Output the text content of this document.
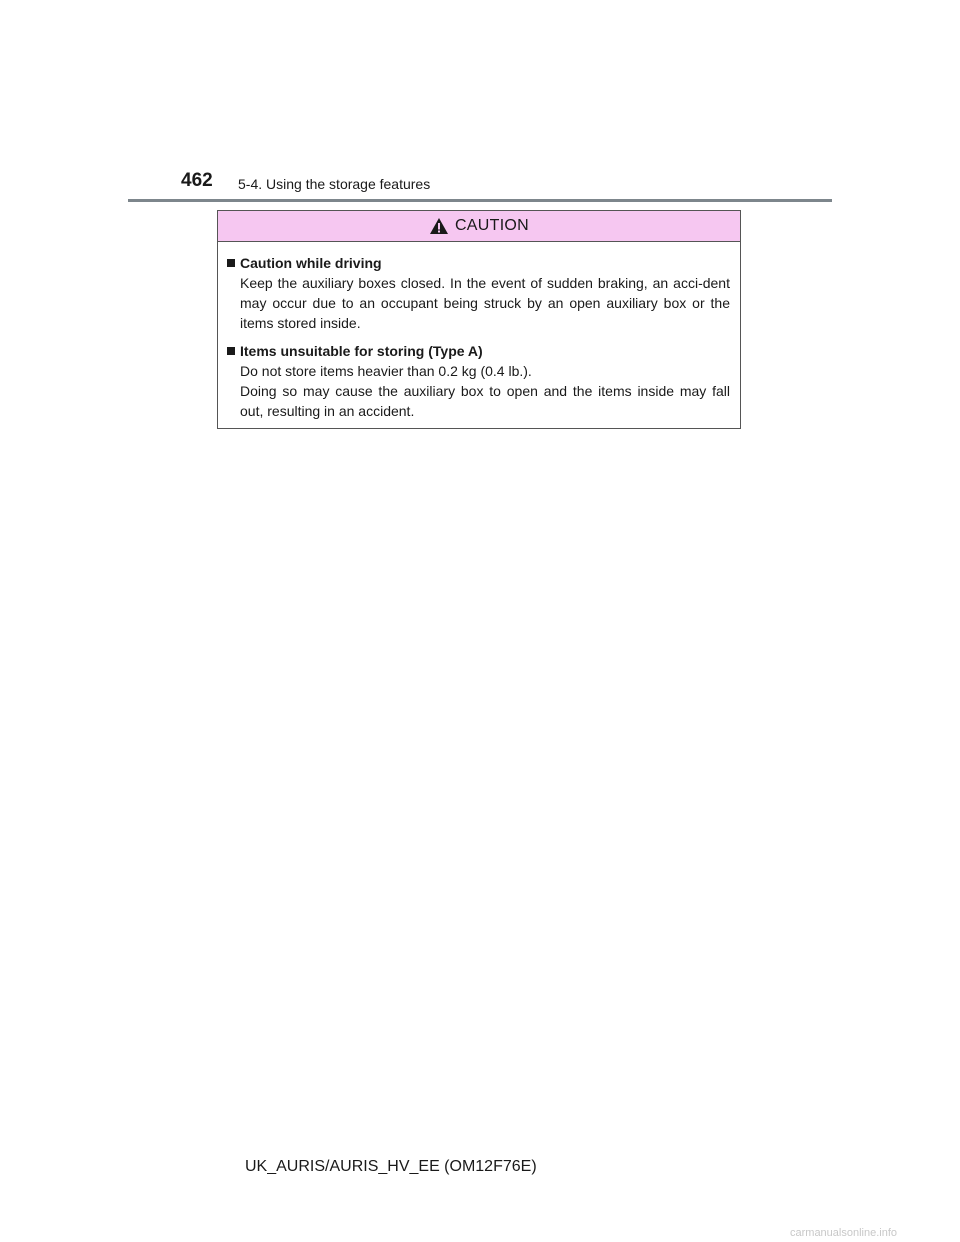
462 5-4. Using the storage features
CAUTION
Caution while driving

Keep the auxiliary boxes closed. In the event of sudden braking, an acci-dent may occur due to an occupant being struck by an open auxiliary box or the items stored inside.

Items unsuitable for storing (Type A)

Do not store items heavier than 0.2 kg (0.4 lb.).

Doing so may cause the auxiliary box to open and the items inside may fall out, resulting in an accident.

UK_AURIS/AURIS_HV_EE (OM12F76E)
carmanualsonline.info
